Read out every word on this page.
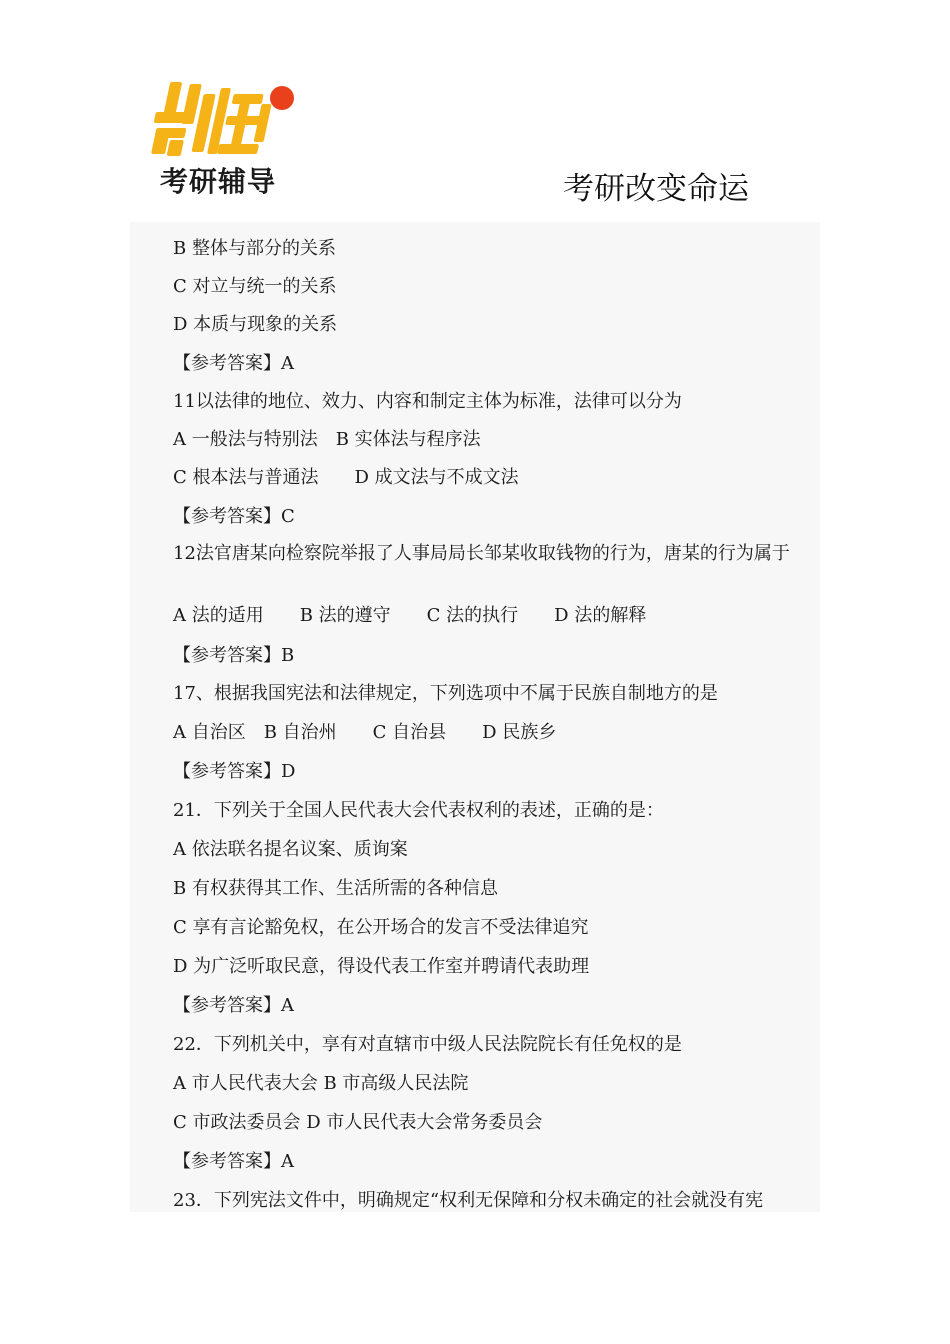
考研辅导	考研改变命运
B 整体与部分的关系
C 对立与统一的关系
D 本质与现象的关系
【参考答案】A
11以法律的地位、效力、内容和制定主体为标准，法律可以分为
A 一般法与特别法　B 实体法与程序法
C 根本法与普通法　　D 成文法与不成文法
【参考答案】C
12法官唐某向检察院举报了人事局局长邹某收取钱物的行为，唐某的行为属于
A 法的适用　　B 法的遵守　　C 法的执行　　D 法的解释
【参考答案】B
17、根据我国宪法和法律规定，下列选项中不属于民族自制地方的是
A 自治区　B 自治州　　C 自治县　　D 民族乡
【参考答案】D
21．下列关于全国人民代表大会代表权利的表述，正确的是：
A 依法联名提名议案、质询案
B 有权获得其工作、生活所需的各种信息
C 享有言论豁免权，在公开场合的发言不受法律追究
D 为广泛听取民意，得设代表工作室并聘请代表助理
【参考答案】A
22．下列机关中，享有对直辖市中级人民法院院长有任免权的是
A 市人民代表大会 B 市高级人民法院
C 市政法委员会 D 市人民代表大会常务委员会
【参考答案】A
23．下列宪法文件中，明确规定“权利无保障和分权未确定的社会就没有宪
